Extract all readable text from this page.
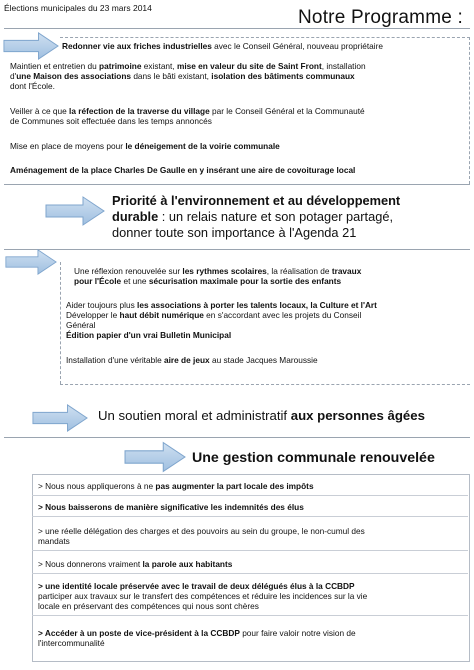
Élections municipales du 23 mars 2014	Notre Programme :

Redonner vie aux friches industrielles avec le Conseil Général, nouveau propriétaire

Maintien et entretien du patrimoine existant, mise en valeur du site de Saint Front, installation

d'une Maison des associations dans le bâti existant, isolation des bâtiments communaux

dont l'École.

Veiller à ce que la réfection de la traverse du village par le Conseil Général et la Communauté

de Communes soit effectuée dans les temps annoncés

Mise en place de moyens pour le déneigement de la voirie communale

Aménagement de la place Charles De Gaulle en y insérant une aire de covoiturage local

Priorité à l'environnement et au développement

durable : un relais nature et son potager partagé,

donner toute son importance à l'Agenda 21

Une réflexion renouvelée sur les rythmes scolaires, la réalisation de travaux

pour l'École et une sécurisation maximale pour la sortie des enfants

Aider toujours plus les associations à porter les talents locaux, la Culture et l'Art

Développer le haut débit numérique en s'accordant avec les projets du Conseil

Général

Édition papier d'un vrai Bulletin Municipal

Installation d'une véritable aire de jeux au stade Jacques Maroussie

Un soutien moral et administratif aux personnes âgées

Une gestion communale renouvelée

> Nous nous appliquerons à ne pas augmenter la part locale des impôts

> Nous baisserons de manière significative les indemnités des élus

> une réelle délégation des charges et des pouvoirs au sein du groupe, le non-cumul des

mandats

> Nous donnerons vraiment la parole aux habitants

> une identité locale préservée avec le travail de deux délégués élus à la CCBDP

participer aux travaux sur le transfert des compétences et réduire les incidences sur la vie

locale en préservant des compétences qui nous sont chères

> Accéder à un poste de vice-président à la CCBDP pour faire valoir notre vision de

l'intercommunalité
